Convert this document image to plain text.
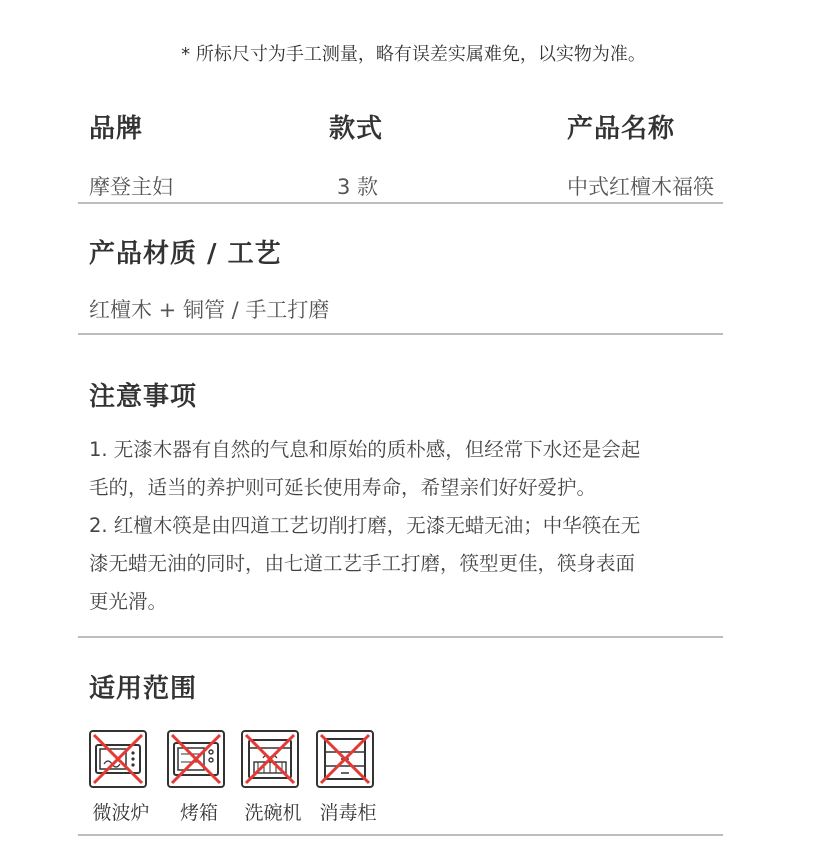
* 所标尺寸为手工测量，略有误差实属难免，以实物为准。
品牌
摩登主妇
款式
3 款
产品名称
中式红檀木福筷
产品材质 / 工艺
红檀木 + 铜管 / 手工打磨
注意事项
1. 无漆木器有自然的气息和原始的质朴感，但经常下水还是会起
毛的，适当的养护则可延长使用寿命，希望亲们好好爱护。
2. 红檀木筷是由四道工艺切削打磨，无漆无蜡无油；中华筷在无
漆无蜡无油的同时，由七道工艺手工打磨，筷型更佳，筷身表面
更光滑。
适用范围
微波炉	烤箱	洗碗机 消毒柜
